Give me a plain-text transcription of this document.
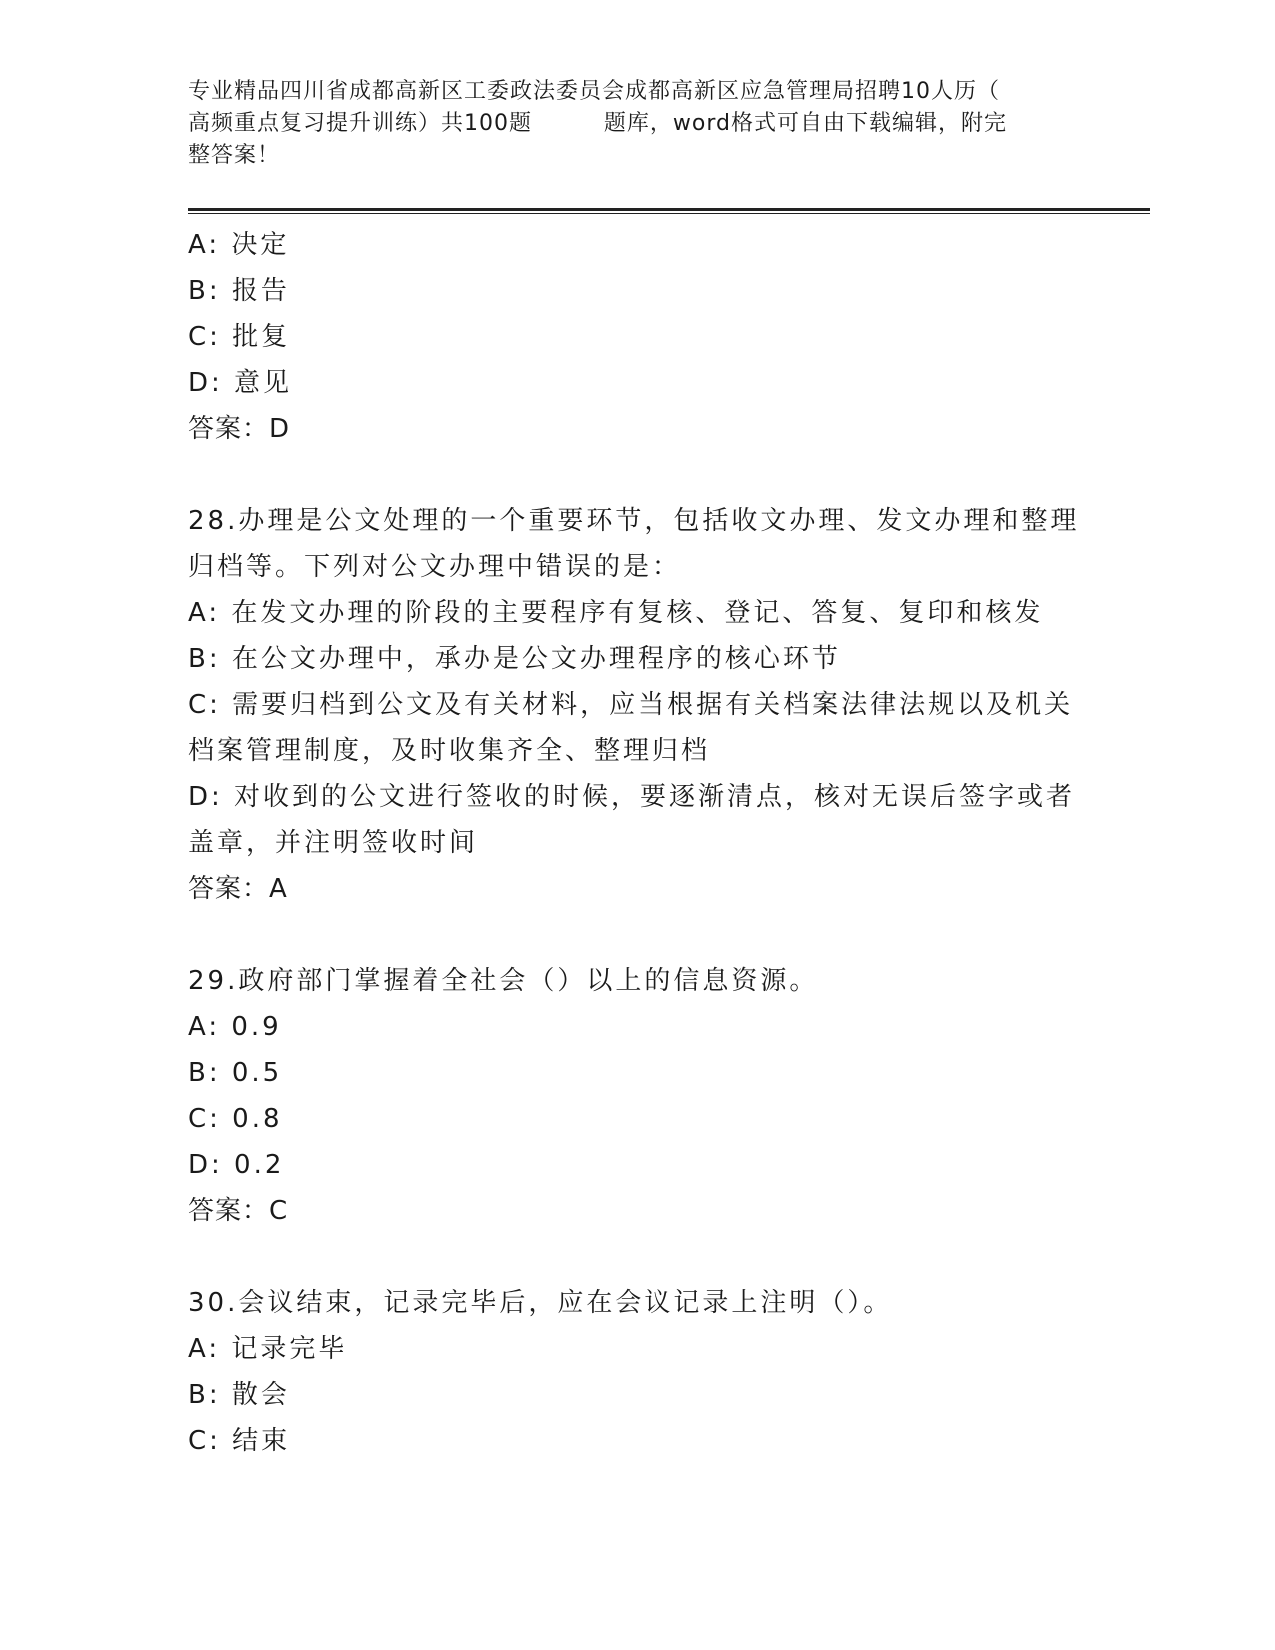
专业精品四川省成都高新区工委政法委员会成都高新区应急管理局招聘10人历（

高频重点复习提升训练）共100题         题库，word格式可自由下载编辑，附完

整答案！

A: 决定

B: 报告

C: 批复

D: 意见

答案：D

28.办理是公文处理的一个重要环节，包括收文办理、发文办理和整理

归档等。下列对公文办理中错误的是：

A: 在发文办理的阶段的主要程序有复核、登记、答复、复印和核发

B: 在公文办理中，承办是公文办理程序的核心环节

C: 需要归档到公文及有关材料，应当根据有关档案法律法规以及机关

档案管理制度，及时收集齐全、整理归档

D: 对收到的公文进行签收的时候，要逐渐清点，核对无误后签字或者

盖章，并注明签收时间

答案：A

29.政府部门掌握着全社会（）以上的信息资源。

A: 0.9

B: 0.5

C: 0.8

D: 0.2

答案：C

30.会议结束，记录完毕后，应在会议记录上注明（）。

A: 记录完毕

B: 散会

C: 结束
